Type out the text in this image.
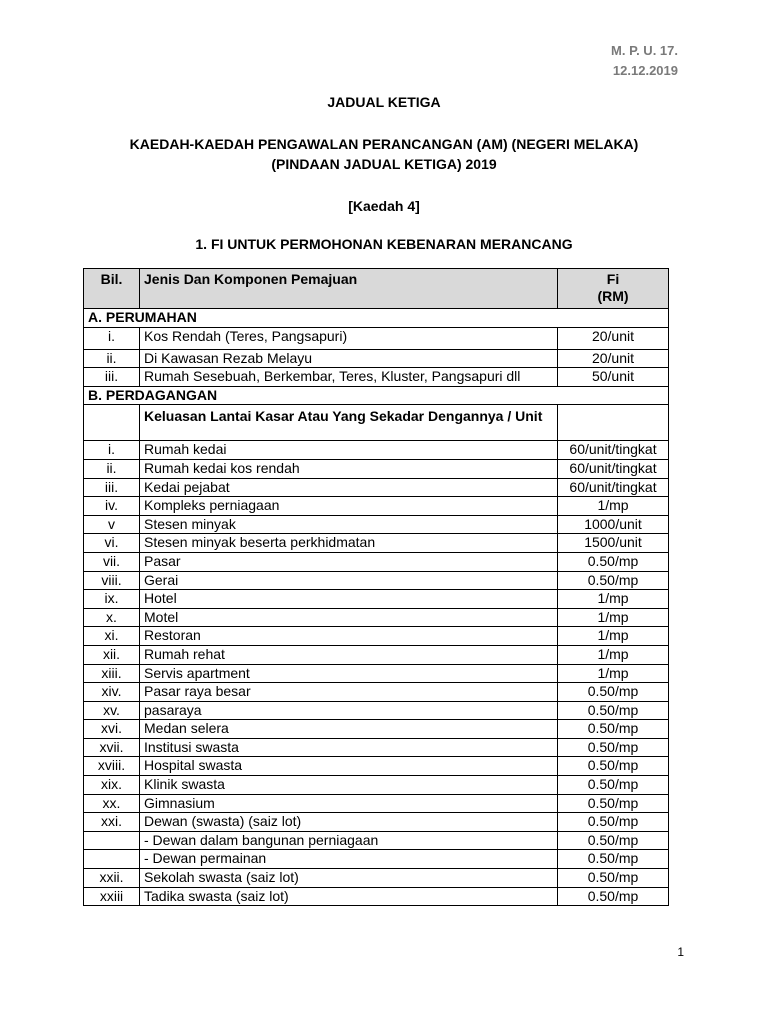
M. P. U. 17.
12.12.2019
JADUAL KETIGA
KAEDAH-KAEDAH PENGAWALAN PERANCANGAN (AM) (NEGERI MELAKA)
(PINDAAN JADUAL KETIGA) 2019
[Kaedah 4]
1. FI UNTUK PERMOHONAN KEBENARAN MERANCANG
Bil.	Jenis Dan Komponen Pemajuan	Fi
(RM)

A. PERUMAHAN		
i.	Kos Rendah (Teres, Pangsapuri)	20/unit
ii.	Di Kawasan Rezab Melayu	20/unit
iii.	Rumah Sesebuah, Berkembar, Teres, Kluster, Pangsapuri dll	50/unit
B. PERDAGANGAN		
	Keluasan Lantai Kasar Atau Yang Sekadar Dengannya / Unit	
i.	Rumah kedai	60/unit/tingkat
ii.	Rumah kedai kos rendah	60/unit/tingkat
iii.	Kedai pejabat	60/unit/tingkat
iv.	Kompleks perniagaan	1/mp
v	Stesen minyak	1000/unit
vi.	Stesen minyak beserta perkhidmatan	1500/unit
vii.	Pasar	0.50/mp
viii.	Gerai	0.50/mp
ix.	Hotel	1/mp
x.	Motel	1/mp
xi.	Restoran	1/mp
xii.	Rumah rehat	1/mp
xiii.	Servis apartment	1/mp
xiv.	Pasar raya besar	0.50/mp
xv.	pasaraya	0.50/mp
xvi.	Medan selera	0.50/mp
xvii.	Institusi swasta	0.50/mp
xviii.	Hospital swasta	0.50/mp
xix.	Klinik swasta	0.50/mp
xx.	Gimnasium	0.50/mp
xxi.	Dewan (swasta) (saiz lot)	0.50/mp
	- Dewan dalam bangunan perniagaan	0.50/mp
	- Dewan permainan	0.50/mp
xxii.	Sekolah swasta (saiz lot)	0.50/mp
xxiii	Tadika swasta (saiz lot)	0.50/mp
1
